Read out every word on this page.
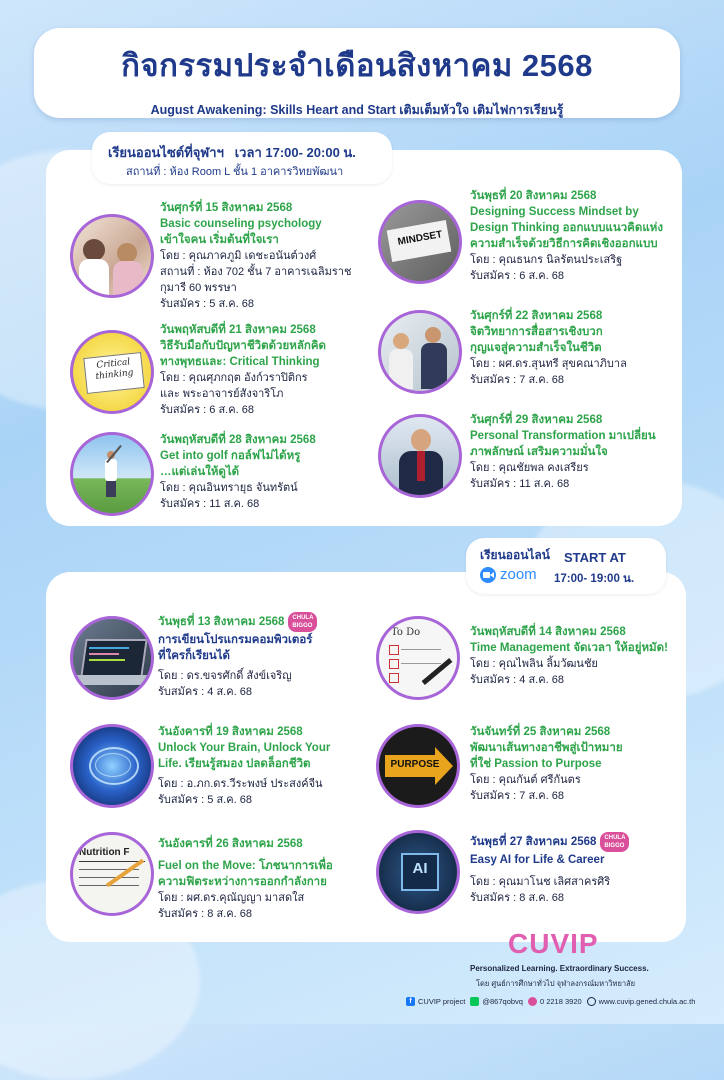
กิจกรรมประจำเดือนสิงหาคม 2568
August Awakening: Skills Heart and Start เติมเต็มหัวใจ เติมไฟการเรียนรู้
เรียนออนไซต์ที่จุฬาฯ   เวลา 17:00- 20:00 น.
สถานที่ : ห้อง Room L ชั้น 1 อาคารวิทยพัฒนา
วันศุกร์ที่ 15 สิงหาคม 2568
Basic counseling psychology
เข้าใจคน เริ่มต้นที่ใจเรา
โดย : คุณภาคภูมิ เดชะอนันต์วงศ์
สถานที่ : ห้อง 702 ชั้น 7 อาคารเฉลิมราช
กุมารี 60 พรรษา
รับสมัคร : 5 ส.ค. 68
Critical thinking
วันพฤหัสบดีที่ 21 สิงหาคม 2568
วิธีรับมือกับปัญหาชีวิตด้วยหลักคิด
ทางพุทธและ: Critical Thinking
โดย : คุณศุภกฤต อังก์วราปิติกร
และ พระอาจารย์สังจาริโภ
รับสมัคร : 6 ส.ค. 68
วันพฤหัสบดีที่ 28 สิงหาคม 2568
Get into golf กอล์ฟไม่ได้หรู
…แต่เล่นให้ดูได้
โดย : คุณอินทรายุธ จันทรัตน์
รับสมัคร : 11 ส.ค. 68
MINDSET
วันพุธที่ 20 สิงหาคม 2568
Designing Success Mindset by
Design Thinking ออกแบบแนวคิดแห่ง
ความสำเร็จด้วยวิธีการคิดเชิงออกแบบ
โดย : คุณธนกร นิลรัตนประเสริฐ
รับสมัคร : 6 ส.ค. 68
วันศุกร์ที่ 22 สิงหาคม 2568
จิตวิทยาการสื่อสารเชิงบวก
กุญแจสู่ความสำเร็จในชีวิต
โดย : ผศ.ดร.สุนทรี สุขคณาภิบาล
รับสมัคร : 7 ส.ค. 68
วันศุกร์ที่ 29 สิงหาคม 2568
Personal Transformation มาเปลี่ยน
ภาพลักษณ์ เสริมความมั่นใจ
โดย : คุณชัยพล คงเสรียร
รับสมัคร : 11 ส.ค. 68
เรียนออนไลน์
zoom
START AT
17:00- 19:00 น.
วันพุธที่ 13 สิงหาคม 2568 CHULA
BIGGO
การเขียนโปรแกรมคอมพิวเตอร์
ที่ใครก็เรียนได้
โดย : ดร.ขจรศักดิ์ สังข์เจริญ
รับสมัคร : 4 ส.ค. 68
วันอังคารที่ 19 สิงหาคม 2568
Unlock Your Brain, Unlock Your
Life. เรียนรู้สมอง ปลดล็อกชีวิต
โดย : อ.ภก.ดร.วีระพงษ์ ประสงค์จีน
รับสมัคร : 5 ส.ค. 68
Nutrition F
วันอังคารที่ 26 สิงหาคม 2568
Fuel on the Move: โภชนาการเพื่อ
ความฟิตระหว่างการออกกำลังกาย
โดย : ผศ.ดร.คุณัญญา มาสดใส
รับสมัคร : 8 ส.ค. 68
To Do	วันพฤหัสบดีที่ 14 สิงหาคม 2568
Time Management จัดเวลา ให้อยู่หมัด!
โดย : คุณไพลิน ลิ้มวัฒนชัย
รับสมัคร : 4 ส.ค. 68
PURPOSE
วันจันทร์ที่ 25 สิงหาคม 2568
พัฒนาเส้นทางอาชีพสู่เป้าหมาย
ที่ใช่ Passion to Purpose
โดย : คุณกันต์ ศรีกันตร
รับสมัคร : 7 ส.ค. 68
AI
วันพุธที่ 27 สิงหาคม 2568 CHULA
BIGGO
Easy AI for Life & Career
โดย : คุณมาโนช เลิศสาครศิริ
รับสมัคร : 8 ส.ค. 68
CUVIP
Personalized Learning. Extraordinary Success.
โดย ศูนย์การศึกษาทั่วไป จุฬาลงกรณ์มหาวิทยาลัย
f CUVIP project @867qobvq 0 2218 3920 www.cuvip.gened.chula.ac.th
